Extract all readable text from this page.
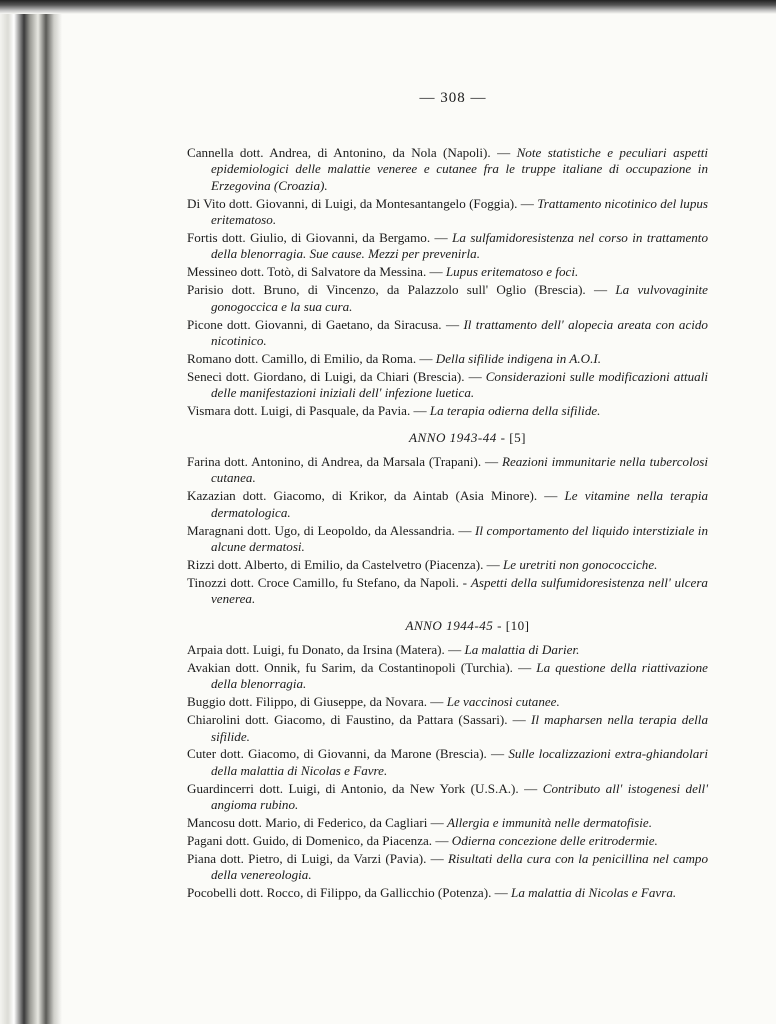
— 308 —
Cannella dott. Andrea, di Antonino, da Nola (Napoli). — Note statistiche e peculiari aspetti epidemiologici delle malattie veneree e cutanee fra le truppe italiane di occupazione in Erzegovina (Croazia).
Di Vito dott. Giovanni, di Luigi, da Montesantangelo (Foggia). — Trattamento nicotinico del lupus eritematoso.
Fortis dott. Giulio, di Giovanni, da Bergamo. — La sulfamidoresistenza nel corso in trattamento della blenorragia. Sue cause. Mezzi per prevenirla.
Messineo dott. Totò, di Salvatore da Messina. — Lupus eritematoso e foci.
Parisio dott. Bruno, di Vincenzo, da Palazzolo sull' Oglio (Brescia). — La vulvovaginite gonogoccica e la sua cura.
Picone dott. Giovanni, di Gaetano, da Siracusa. — Il trattamento dell' alopecia areata con acido nicotinico.
Romano dott. Camillo, di Emilio, da Roma. — Della sifilide indigena in A.O.I.
Seneci dott. Giordano, di Luigi, da Chiari (Brescia). — Considerazioni sulle modificazioni attuali delle manifestazioni iniziali dell' infezione luetica.
Vismara dott. Luigi, di Pasquale, da Pavia. — La terapia odierna della sifilide.
ANNO 1943-44 - [5]
Farina dott. Antonino, di Andrea, da Marsala (Trapani). — Reazioni immunitarie nella tubercolosi cutanea.
Kazazian dott. Giacomo, di Krikor, da Aintab (Asia Minore). — Le vitamine nella terapia dermatologica.
Maragnani dott. Ugo, di Leopoldo, da Alessandria. — Il comportamento del liquido interstiziale in alcune dermatosi.
Rizzi dott. Alberto, di Emilio, da Castelvetro (Piacenza). — Le uretriti non gonococciche.
Tinozzi dott. Croce Camillo, fu Stefano, da Napoli. - Aspetti della sulfumidoresistenza nell' ulcera venerea.
ANNO 1944-45 - [10]
Arpaia dott. Luigi, fu Donato, da Irsina (Matera). — La malattia di Darier.
Avakian dott. Onnik, fu Sarim, da Costantinopoli (Turchia). — La questione della riattivazione della blenorragia.
Buggio dott. Filippo, di Giuseppe, da Novara. — Le vaccinosi cutanee.
Chiarolini dott. Giacomo, di Faustino, da Pattara (Sassari). — Il mapharsen nella terapia della sifilide.
Cuter dott. Giacomo, di Giovanni, da Marone (Brescia). — Sulle localizzazioni extra-ghiandolari della malattia di Nicolas e Favre.
Guardincerri dott. Luigi, di Antonio, da New York (U.S.A.). — Contributo all' istogenesi dell' angioma rubino.
Mancosu dott. Mario, di Federico, da Cagliari — Allergia e immunità nelle dermatofisie.
Pagani dott. Guido, di Domenico, da Piacenza. — Odierna concezione delle eritrodermie.
Piana dott. Pietro, di Luigi, da Varzi (Pavia). — Risultati della cura con la penicillina nel campo della venereologia.
Pocobelli dott. Rocco, di Filippo, da Gallicchio (Potenza). — La malattia di Nicolas e Favra.
